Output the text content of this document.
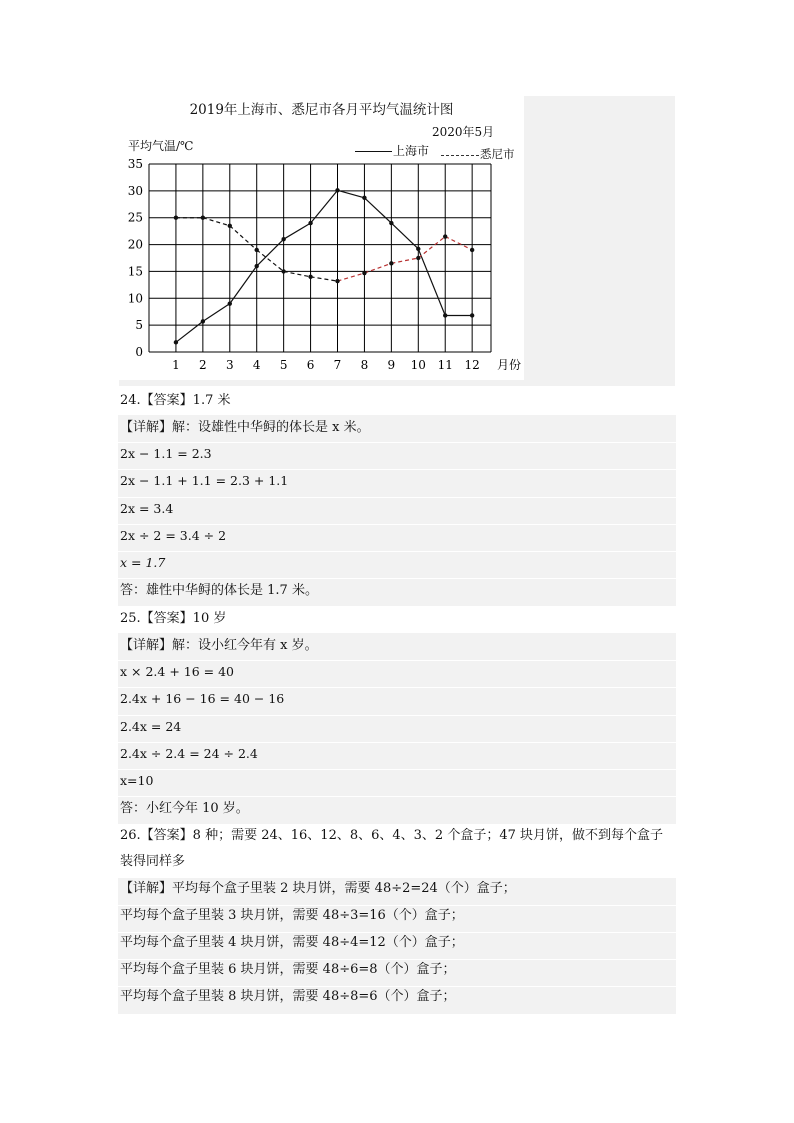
2019年上海市、悉尼市各月平均气温统计图
2020年5月
平均气温/℃	上海市	悉尼市
0
5
10
15
20
25
30
35
1 2 3 4 5 6 7 8 9 10 11 12 月份
24.【答案】1.7 米
【详解】解：设雄性中华鲟的体长是 x 米。
2x − 1.1 = 2.3
2x − 1.1 + 1.1 = 2.3 + 1.1
2x = 3.4
2x ÷ 2 = 3.4 ÷ 2
x = 1.7
答：雄性中华鲟的体长是 1.7 米。
25.【答案】10 岁
【详解】解：设小红今年有 x 岁。
x × 2.4 + 16 = 40
2.4x + 16 − 16 = 40 − 16
2.4x = 24
2.4x ÷ 2.4 = 24 ÷ 2.4
x=10
答：小红今年 10 岁。
26.【答案】8 种；需要 24、16、12、8、6、4、3、2 个盒子；47 块月饼，做不到每个盒子
装得同样多
【详解】平均每个盒子里装 2 块月饼，需要 48÷2=24（个）盒子；
平均每个盒子里装 3 块月饼，需要 48÷3=16（个）盒子；
平均每个盒子里装 4 块月饼，需要 48÷4=12（个）盒子；
平均每个盒子里装 6 块月饼，需要 48÷6=8（个）盒子；
平均每个盒子里装 8 块月饼，需要 48÷8=6（个）盒子；
